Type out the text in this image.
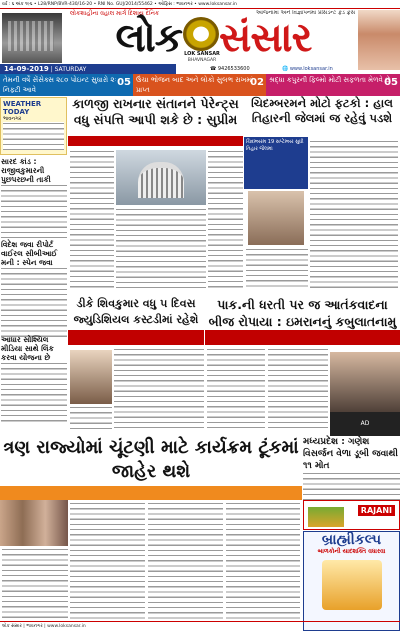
વર્ષ : ૬ અંક ૧૯૬ • L28/RNP/BVR-430/16-20 • RNI No. GUJ/2014/55462 • ઓફિસ : ભાવનગર • www.loksansar.in
લોકશાહીના વહાલ માર્ગ દિશાય દૈનિક
લોક સંસાર
LOK SANSAR
BHAVNAGAR
આજનામાં અને વિજ્ઞાપનમાં પ્રેસિડન્ટ ફેડ ફ્રેસ
14-09-2019 | SATURDAY	☎ 9426533600	🌐 www.loksansar.in
તેમની વર્ષે સેંસેક્સ ૨૮૦ પોઇન્ટ સુધારો ૨ઃ નિફ્ટી આવે
05 ઉંચા ભોજન બાદ અને લોકો સુલભ રાખમાં પ્રાપ્ત
02 શ્રદ્ધા કપુરની ફિલ્મો મોટી સફળતા મેળવે છે
05
WEATHER TODAY
ભાવનગર
સારદ કાંડ : રાજીવકુમારની પુછપરછની તાકી
વિદેશ જવા રીપોર્ટ વાઈરલ સીબીઆઈ મની : સ્પેન જવા
આધાર સોશ્યિલ મીડિયા સાથે લિંક કરવા યોજના છે
કાળજી રાખનાર સંતાનને પેરેન્ટ્સ વધુ સંપત્તિ આપી શકે છે : સુપ્રીમ
ચિદમ્બરમને મોટો ફટકો : હાલ તિહારની જેલમાં જ રહેવું પડશે
ચિદમ્બરમ 19 સપ્ટેમ્બર સુધી તિહાર જેલમાં
ડીકે શિવકુમાર વધુ ૫ દિવસ જ્યુડિશિયલ કસ્ટડીમાં રહેશે
પાક.ની ધરતી પર જ આતંકવાદના બીજ રોપાયા : ઇમરાનનું કબુલાતનામુ
AD
ત્રણ રાજ્યોમાં ચૂંટણી માટે કાર્યક્રમ ટૂંકમાં જાહેર થશે
મધ્યપ્રદેશ : ગણેશ વિસર્જન વેળા ડૂબી જવાથી ૧૧ મોત
RAJANI
બ્રાહ્મીકલ્પ
બાળકોની યાદશક્તિ વધારવા
લોક સંસાર | ભાવનગર | www.loksansar.in
